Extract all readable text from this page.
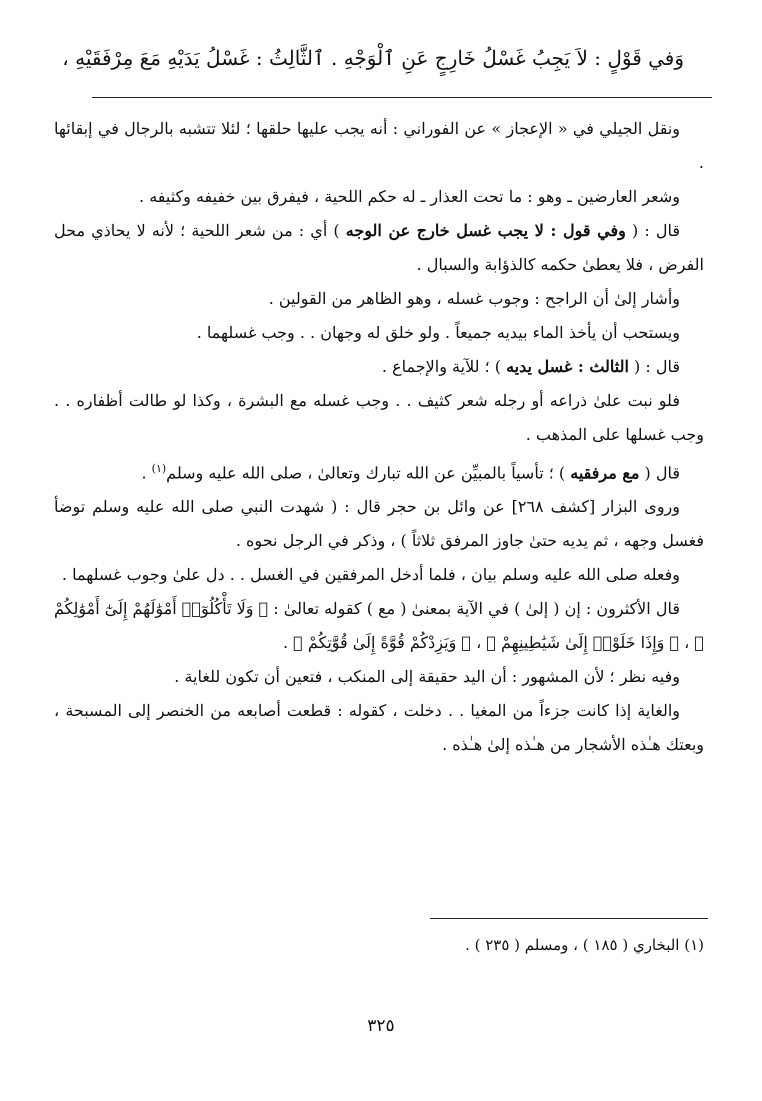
وَفي قَوْلٍ : لاَ يَجِبُ غَسْلُ خَارِجٍ عَنِ ٱلْوَجْهِ . ٱلثَّالِثُ : غَسْلُ يَدَيْهِ مَعَ مِرْفَقَيْهِ ،

ونقل الجيلي في « الإعجاز » عن الفوراني : أنه يجب عليها حلقها ؛ لئلا تتشبه بالرجال في إبقائها .

وشعر العارضين ـ وهو : ما تحت العذار ـ له حكم اللحية ، فيفرق بين خفيفه وكثيفه .

قال : ( وفي قول : لا يجب غسل خارج عن الوجه ) أي : من شعر اللحية ؛ لأنه لا يحاذي محل الفرض ، فلا يعطىٰ حكمه كالذؤابة والسبال .

وأشار إلىٰ أن الراجح : وجوب غسله ، وهو الظاهر من القولين .

ويستحب أن يأخذ الماء بيديه جميعاً . ولو خلق له وجهان . . وجب غسلهما .

قال : ( الثالث : غسل يديه ) ؛ للآية والإجماع .

فلو نبت علىٰ ذراعه أو رجله شعر كثيف . . وجب غسله مع البشرة ، وكذا لو طالت أظفاره . . وجب غسلها على المذهب .

قال ( مع مرفقيه ) ؛ تأسياً بالمبيِّن عن الله تبارك وتعالىٰ ، صلى الله عليه وسلم$^{(١)}$ .

وروى البزار [كشف ٢٦٨] عن وائل بن حجر قال : ( شهدت النبي صلى الله عليه وسلم توضأ فغسل وجهه ، ثم يديه حتىٰ جاوز المرفق ثلاثاً ) ، وذكر في الرجل نحوه .

وفعله صلى الله عليه وسلم بيان ، فلما أدخل المرفقين في الغسل . . دل علىٰ وجوب غسلهما .

قال الأكثرون : إن ( إلىٰ ) في الآية بمعنىٰ ( مع ) كقوله تعالىٰ : ﴿ وَلَا تَأْكُلُوٓا۟ أَمْوَٰلَهُمْ إِلَىٰٓ أَمْوَٰلِكُمْ ﴾ ، ﴿ وَإِذَا خَلَوْا۟ إِلَىٰ شَيَٰطِينِهِمْ ﴾ ، ﴿ وَيَزِدْكُمْ قُوَّةً إِلَىٰ قُوَّتِكُمْ ﴾ .

وفيه نظر ؛ لأن المشهور : أن اليد حقيقة إلى المنكب ، فتعين أن تكون للغاية .

والغاية إذا كانت جزءاً من المغيا . . دخلت ، كقوله : قطعت أصابعه من الخنصر إلى المسبحة ، وبعتك هـٰذه الأشجار من هـٰذه إلىٰ هـٰذه .

(١) البخاري ( ١٨٥ ) ، ومسلم ( ٢٣٥ ) .
٣٢٥
